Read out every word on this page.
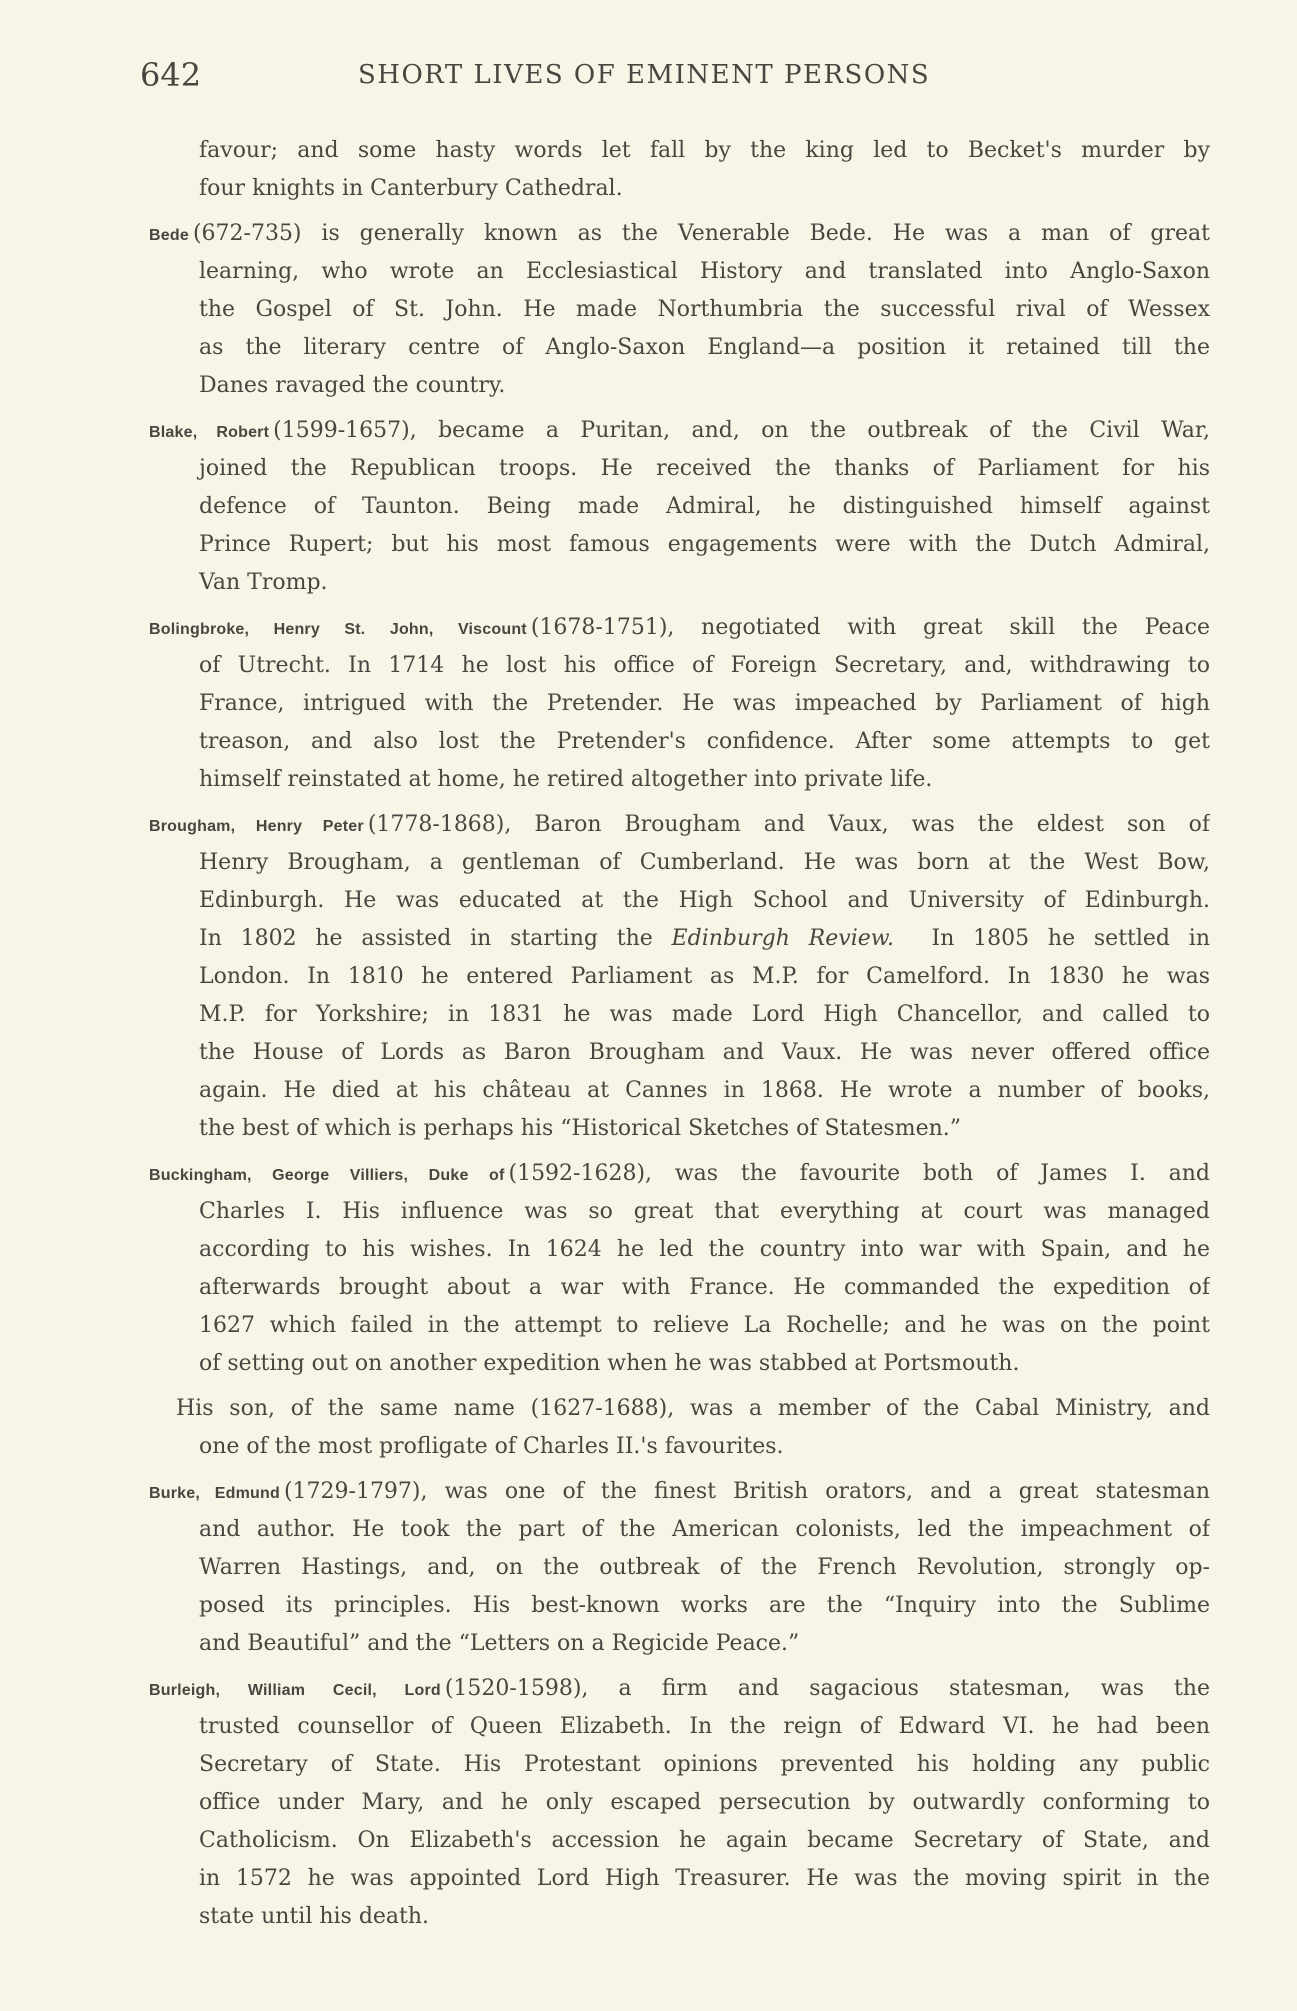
642	SHORT LIVES OF EMINENT PERSONS
favour; and some hasty words let fall by the king led to Becket's murder by
four knights in Canterbury Cathedral.
Bede (672-735) is generally known as the Venerable Bede. He was a man of great
learning, who wrote an Ecclesiastical History and translated into Anglo-Saxon
the Gospel of St. John. He made Northumbria the successful rival of Wessex
as the literary centre of Anglo-Saxon England—a position it retained till the
Danes ravaged the country.
Blake, Robert (1599-1657), became a Puritan, and, on the outbreak of the Civil War,
joined the Republican troops. He received the thanks of Parliament for his
defence of Taunton. Being made Admiral, he distinguished himself against
Prince Rupert; but his most famous engagements were with the Dutch Admiral,
Van Tromp.
Bolingbroke, Henry St. John, Viscount (1678-1751), negotiated with great skill the Peace
of Utrecht. In 1714 he lost his office of Foreign Secretary, and, withdrawing to
France, intrigued with the Pretender. He was impeached by Parliament of high
treason, and also lost the Pretender's confidence. After some attempts to get
himself reinstated at home, he retired altogether into private life.
Brougham, Henry Peter (1778-1868), Baron Brougham and Vaux, was the eldest son of
Henry Brougham, a gentleman of Cumberland. He was born at the West Bow,
Edinburgh. He was educated at the High School and University of Edinburgh.
In 1802 he assisted in starting the Edinburgh Review.  In 1805 he settled in
London. In 1810 he entered Parliament as M.P. for Camelford. In 1830 he was
M.P. for Yorkshire; in 1831 he was made Lord High Chancellor, and called to
the House of Lords as Baron Brougham and Vaux. He was never offered office
again. He died at his château at Cannes in 1868. He wrote a number of books,
the best of which is perhaps his “Historical Sketches of Statesmen.”
Buckingham, George Villiers, Duke of (1592-1628), was the favourite both of James I. and
Charles I. His influence was so great that everything at court was managed
according to his wishes. In 1624 he led the country into war with Spain, and he
afterwards brought about a war with France. He commanded the expedition of
1627 which failed in the attempt to relieve La Rochelle; and he was on the point
of setting out on another expedition when he was stabbed at Portsmouth.
His son, of the same name (1627-1688), was a member of the Cabal Ministry, and
one of the most profligate of Charles II.'s favourites.
Burke, Edmund (1729-1797), was one of the finest British orators, and a great statesman
and author. He took the part of the American colonists, led the impeachment of
Warren Hastings, and, on the outbreak of the French Revolution, strongly op-
posed its principles. His best-known works are the “Inquiry into the Sublime
and Beautiful” and the “Letters on a Regicide Peace.”
Burleigh, William Cecil, Lord (1520-1598), a firm and sagacious statesman, was the
trusted counsellor of Queen Elizabeth. In the reign of Edward VI. he had been
Secretary of State. His Protestant opinions prevented his holding any public
office under Mary, and he only escaped persecution by outwardly conforming to
Catholicism. On Elizabeth's accession he again became Secretary of State, and
in 1572 he was appointed Lord High Treasurer. He was the moving spirit in the
state until his death.
